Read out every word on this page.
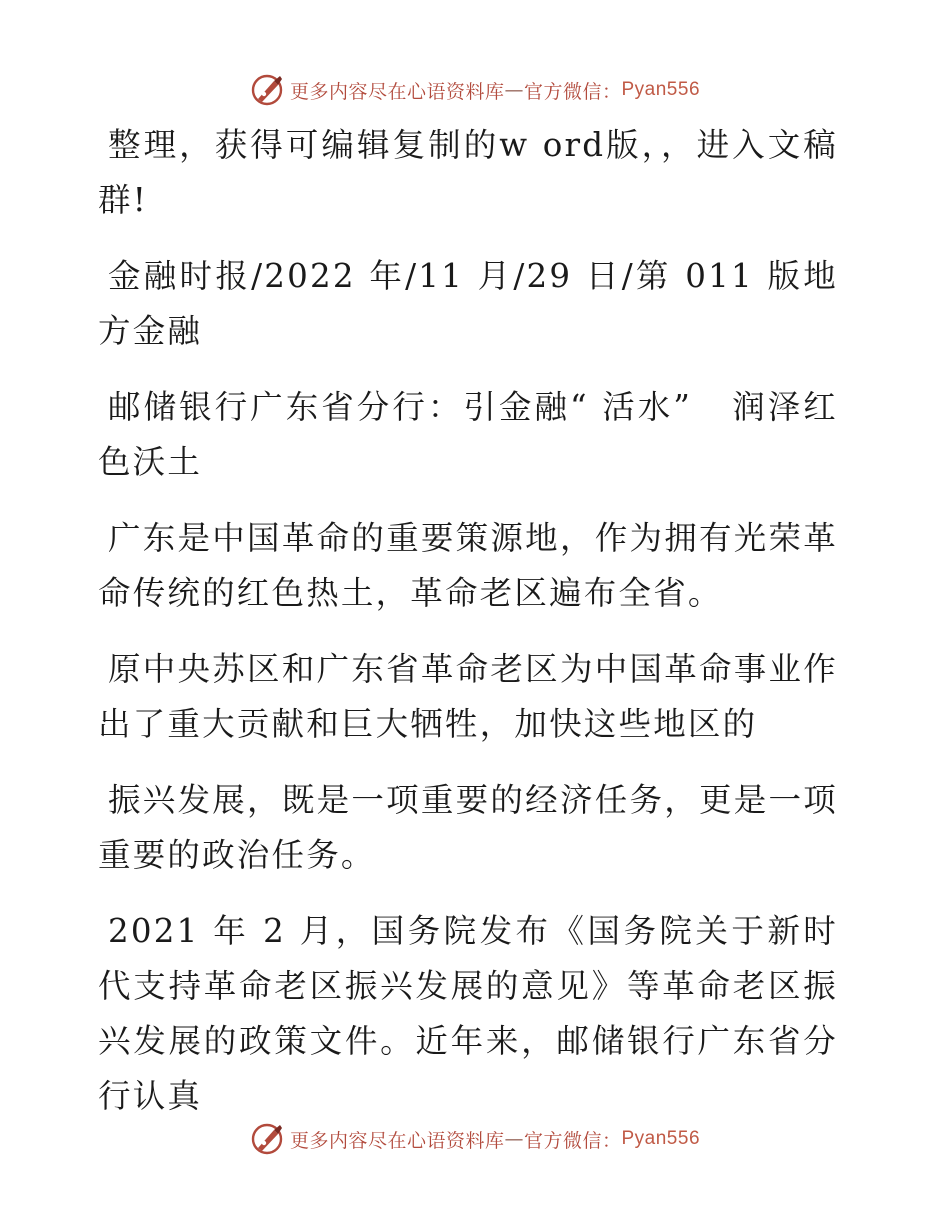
更多内容尽在心语资料库 — 官方微信： Pyan556

整理，获得可编辑复制的w ord版，，进入文稿群!

金融时报/2022 年/11 月/29 日/第 011 版地方金融

邮储银行广东省分行：引金融“ 活水”   润泽红色沃土

广东是中国革命的重要策源地，作为拥有光荣革命传统的红色热土，革命老区遍布全省。

原中央苏区和广东省革命老区为中国革命事业作出了重大贡献和巨大牺牲，加快这些地区的

振兴发展，既是一项重要的经济任务，更是一项重要的政治任务。

2021 年 2 月，国务院发布《国务院关于新时代支持革命老区振兴发展的意见》等革命老区振兴发展的政策文件。近年来，邮储银行广东省分行认真

更多内容尽在心语资料库 — 官方微信： Pyan556
